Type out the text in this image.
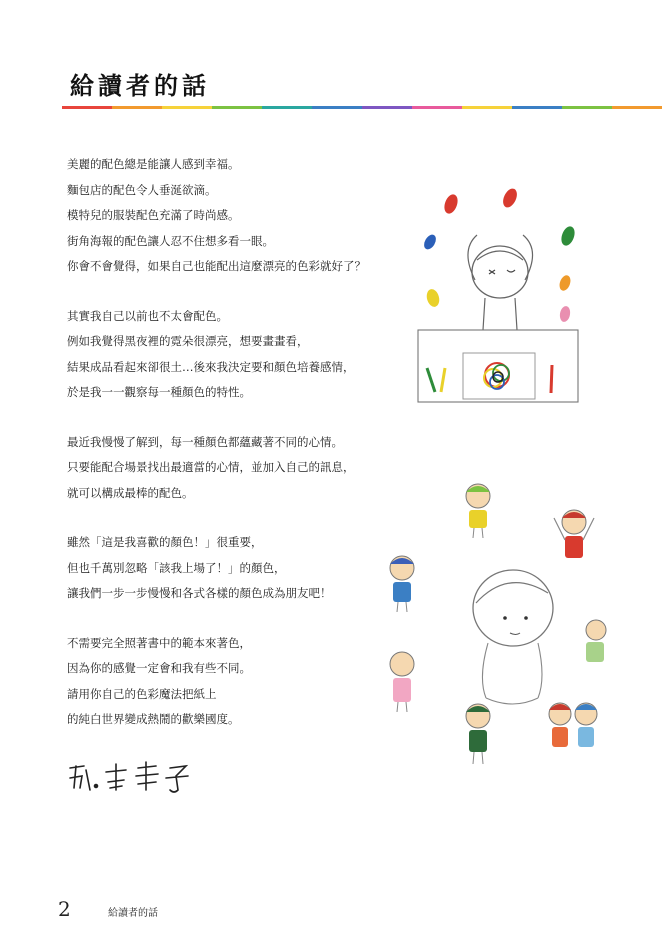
給讀者的話
美麗的配色總是能讓人感到幸福。
麵包店的配色令人垂涎欲滴。
模特兒的服裝配色充滿了時尚感。
街角海報的配色讓人忍不住想多看一眼。
你會不會覺得，如果自己也能配出這麼漂亮的色彩就好了？
其實我自己以前也不太會配色。
例如我覺得黑夜裡的霓朵很漂亮，想要畫畫看，
結果成品看起來卻很土…後來我決定要和顏色培養感情，
於是我一一觀察每一種顏色的特性。
最近我慢慢了解到，每一種顏色都蘊藏著不同的心情。
只要能配合場景找出最適當的心情，並加入自己的訊息，
就可以構成最棒的配色。
雖然「這是我喜歡的顏色！」很重要，
但也千萬別忽略「該我上場了！」的顏色，
讓我們一步一步慢慢和各式各樣的顏色成為朋友吧！
不需要完全照著書中的範本來著色，
因為你的感覺一定會和我有些不同。
請用你自己的色彩魔法把紙上
的純白世界變成熱鬧的歡樂國度。
2	給讀者的話
